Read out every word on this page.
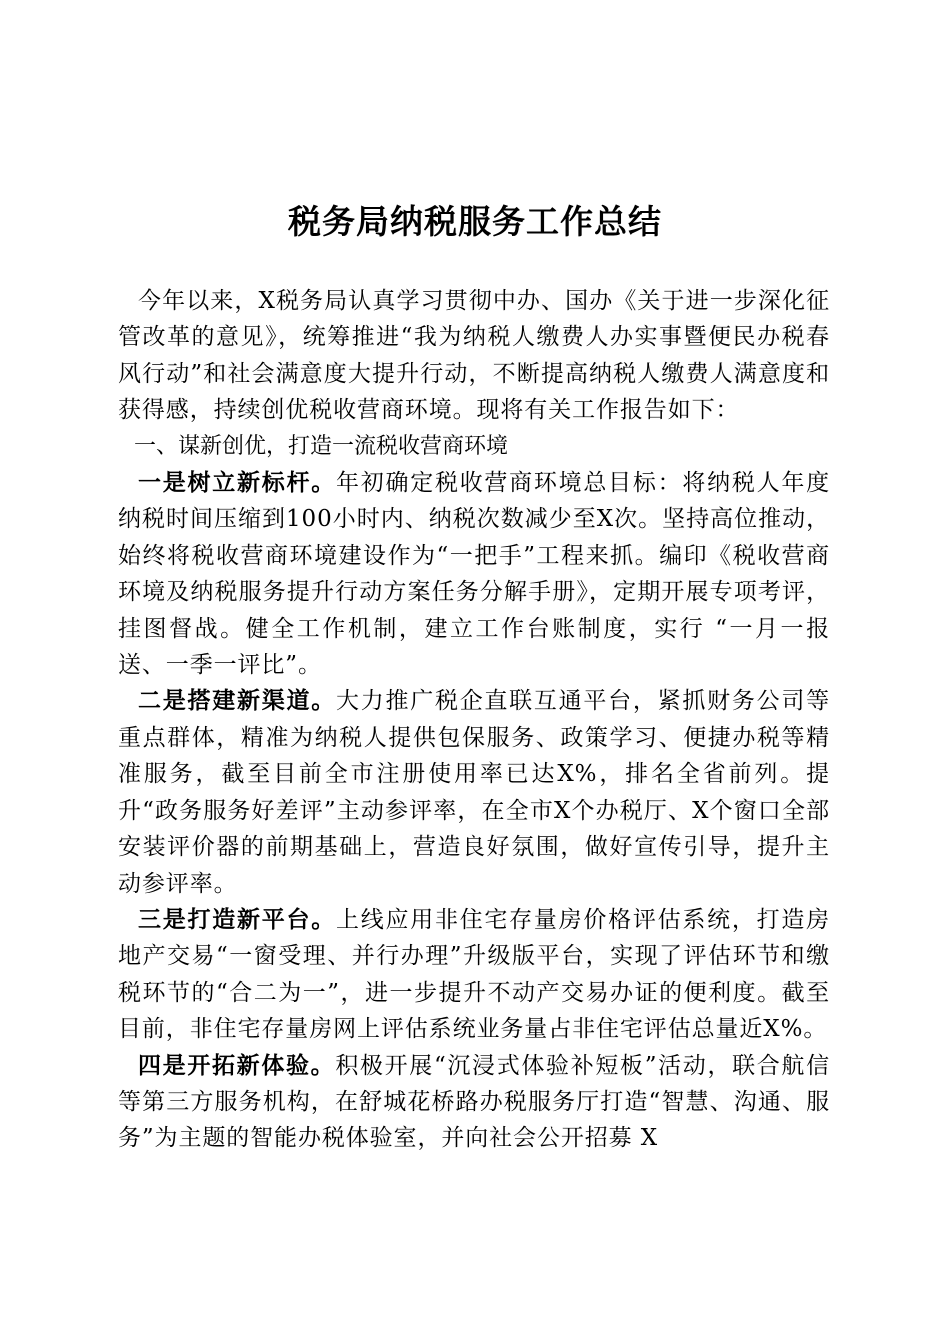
税务局纳税服务工作总结

今年以来，X税务局认真学习贯彻中办、国办《关于进一步深化征管改革的意见》，统筹推进“我为纳税人缴费人办实事暨便民办税春风行动”和社会满意度大提升行动，不断提高纳税人缴费人满意度和获得感，持续创优税收营商环境。现将有关工作报告如下：

一、谋新创优，打造一流税收营商环境

一是树立新标杆。年初确定税收营商环境总目标：将纳税人年度纳税时间压缩到100小时内、纳税次数减少至X次。坚持高位推动，始终将税收营商环境建设作为“一把手”工程来抓。编印《税收营商环境及纳税服务提升行动方案任务分解手册》，定期开展专项考评，挂图督战。健全工作机制，建立工作台账制度，实行 “一月一报送、一季一评比”。

二是搭建新渠道。大力推广税企直联互通平台，紧抓财务公司等重点群体，精准为纳税人提供包保服务、政策学习、便捷办税等精准服务，截至目前全市注册使用率已达X%，排名全省前列。提升“政务服务好差评”主动参评率，在全市X个办税厅、X个窗口全部安装评价器的前期基础上，营造良好氛围，做好宣传引导，提升主动参评率。

三是打造新平台。上线应用非住宅存量房价格评估系统，打造房地产交易“一窗受理、并行办理”升级版平台，实现了评估环节和缴税环节的“合二为一”，进一步提升不动产交易办证的便利度。截至目前，非住宅存量房网上评估系统业务量占非住宅评估总量近X%。

四是开拓新体验。积极开展“沉浸式体验补短板”活动，联合航信等第三方服务机构，在舒城花桥路办税服务厅打造“智慧、沟通、服务”为主题的智能办税体验室，并向社会公开招募 X
